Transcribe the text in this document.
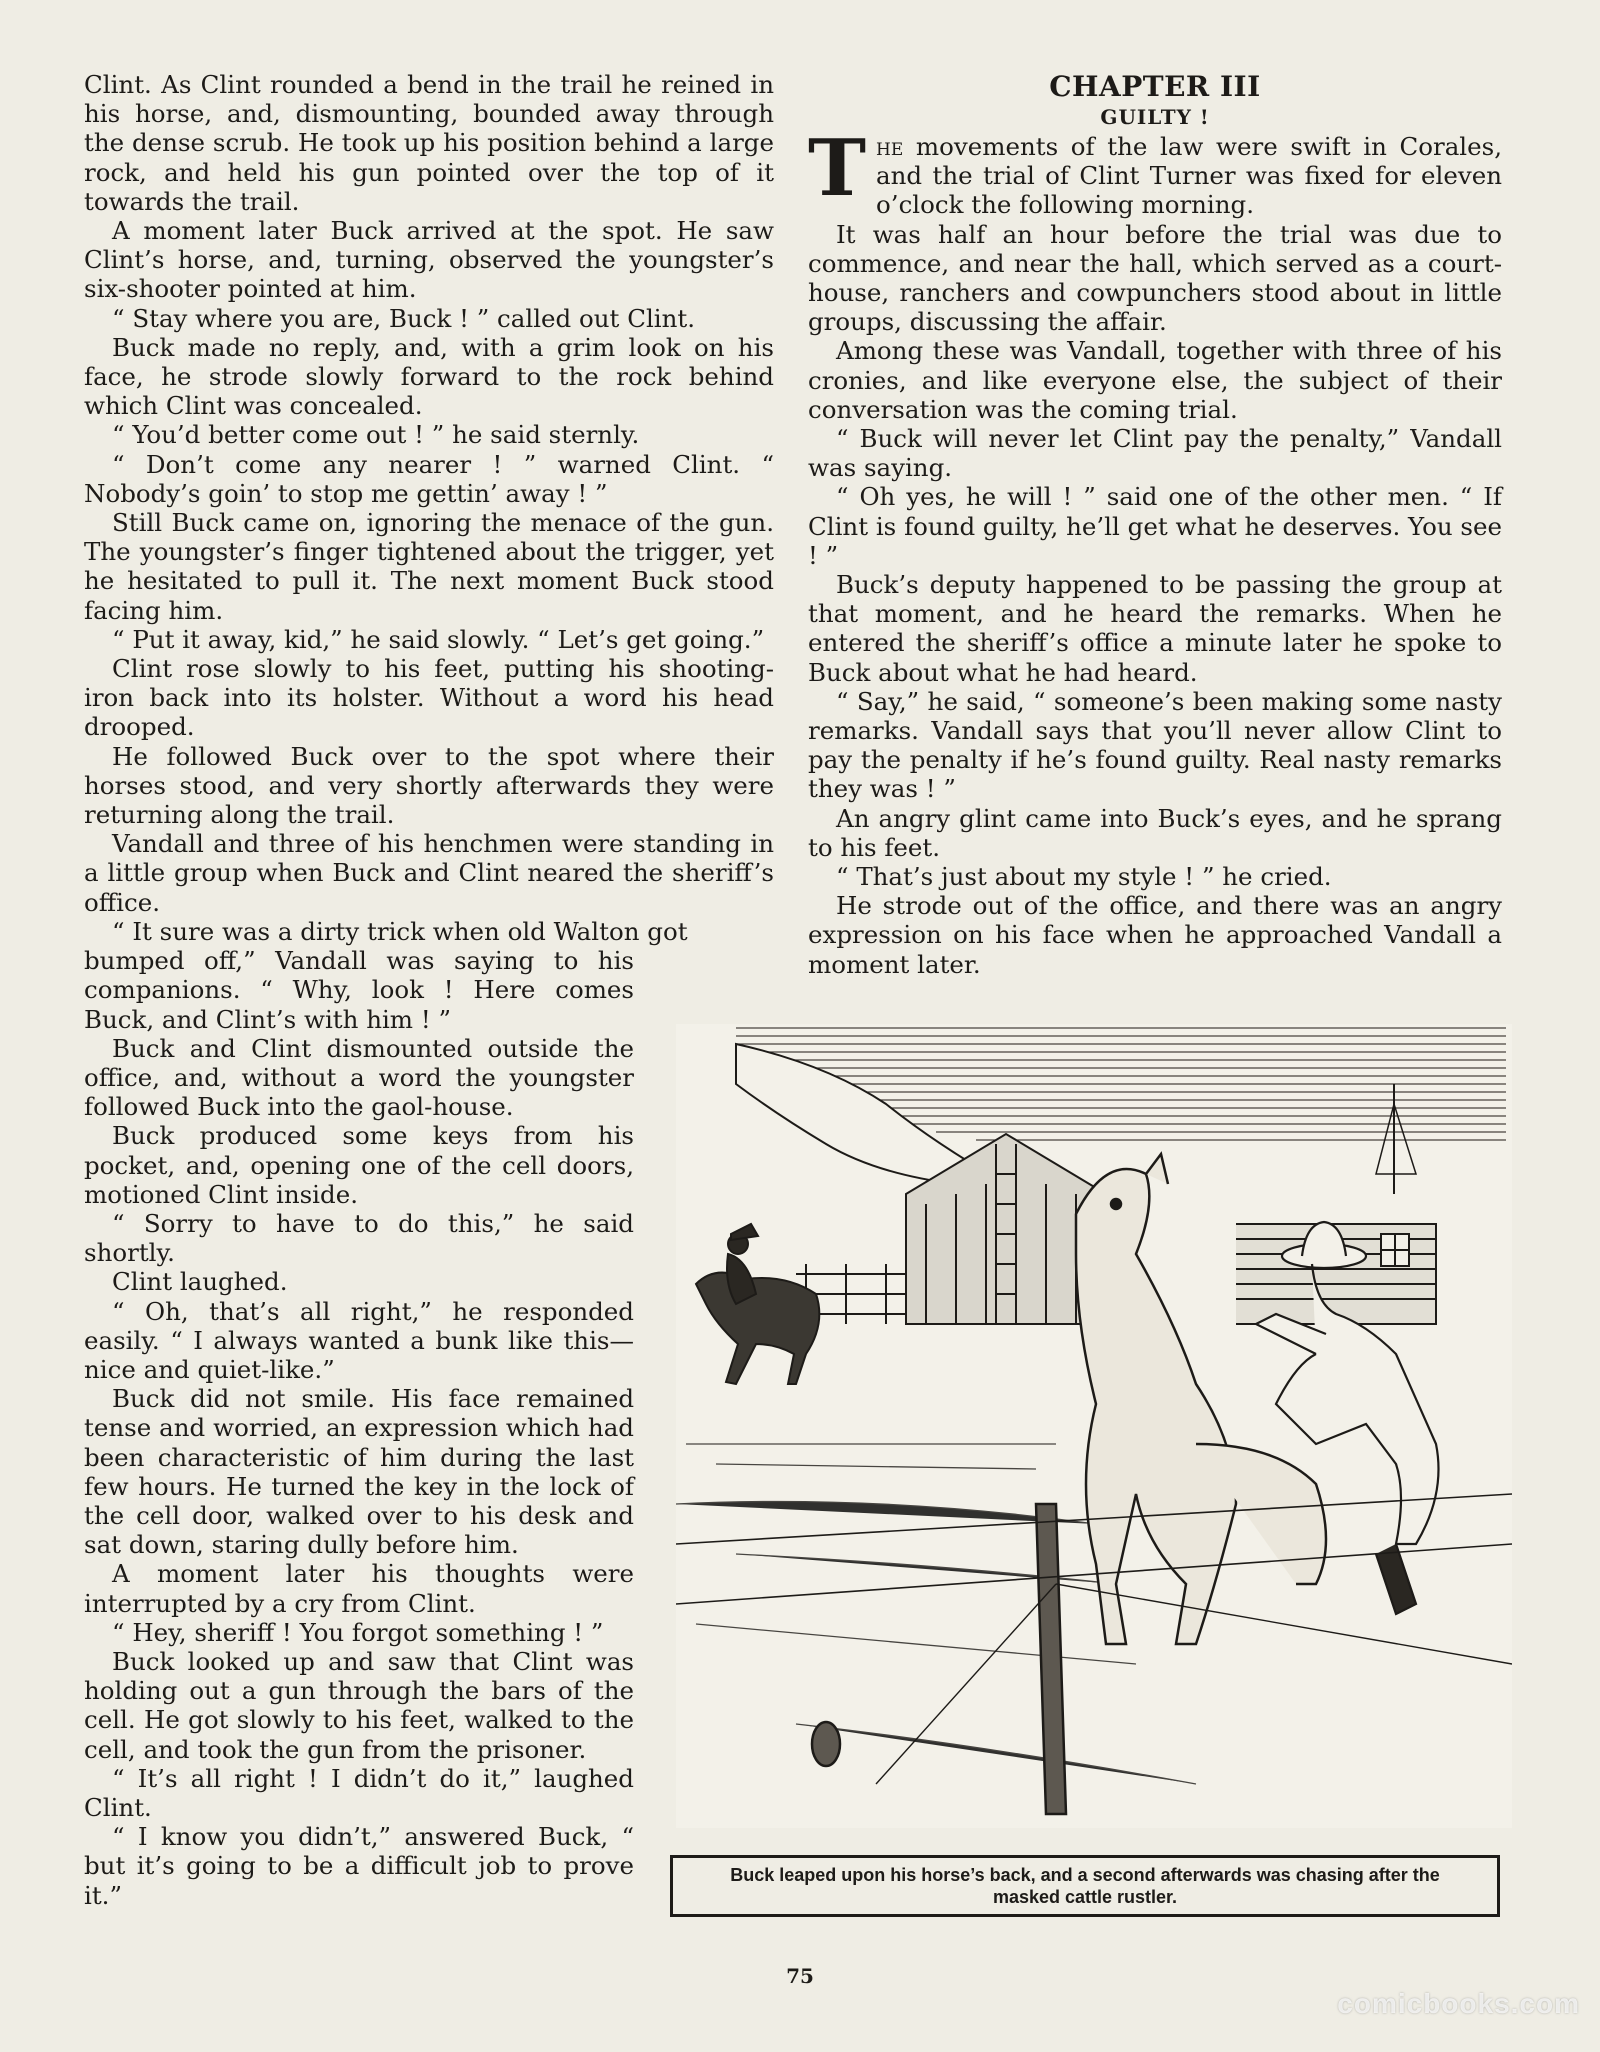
Clint. As Clint rounded a bend in the trail he reined in his horse, and, dismounting, bounded away through the dense scrub. He took up his position behind a large rock, and held his gun pointed over the top of it towards the trail.

A moment later Buck arrived at the spot. He saw Clint’s horse, and, turning, observed the youngster’s six-shooter pointed at him.

“ Stay where you are, Buck ! ” called out Clint.

Buck made no reply, and, with a grim look on his face, he strode slowly forward to the rock behind which Clint was concealed.

“ You’d better come out ! ” he said sternly.

“ Don’t come any nearer ! ” warned Clint. “ Nobody’s goin’ to stop me gettin’ away ! ”

Still Buck came on, ignoring the menace of the gun. The youngster’s finger tightened about the trigger, yet he hesitated to pull it. The next moment Buck stood facing him.

“ Put it away, kid,” he said slowly. “ Let’s get going.”

Clint rose slowly to his feet, putting his shooting-iron back into its holster. Without a word his head drooped.

He followed Buck over to the spot where their horses stood, and very shortly afterwards they were returning along the trail.

Vandall and three of his henchmen were standing in a little group when Buck and Clint neared the sheriff’s office.

“ It sure was a dirty trick when old Walton got

bumped off,” Vandall was saying to his companions. “ Why, look ! Here comes Buck, and Clint’s with him ! ”

Buck and Clint dismounted outside the office, and, without a word the youngster followed Buck into the gaol-house.

Buck produced some keys from his pocket, and, opening one of the cell doors, motioned Clint inside.

“ Sorry to have to do this,” he said shortly.

Clint laughed.

“ Oh, that’s all right,” he responded easily. “ I always wanted a bunk like this—nice and quiet-like.”

Buck did not smile. His face remained tense and worried, an expression which had been characteristic of him during the last few hours. He turned the key in the lock of the cell door, walked over to his desk and sat down, staring dully before him.

A moment later his thoughts were interrupted by a cry from Clint.

“ Hey, sheriff ! You forgot something ! ”

Buck looked up and saw that Clint was holding out a gun through the bars of the cell. He got slowly to his feet, walked to the cell, and took the gun from the prisoner.

“ It’s all right ! I didn’t do it,” laughed Clint.

“ I know you didn’t,” answered Buck, “ but it’s going to be a difficult job to prove it.”

CHAPTER III
GUILTY !

The movements of the law were swift in Corales, and the trial of Clint Turner was fixed for eleven o’clock the following morning.

It was half an hour before the trial was due to commence, and near the hall, which served as a court-house, ranchers and cowpunchers stood about in little groups, discussing the affair.

Among these was Vandall, together with three of his cronies, and like everyone else, the subject of their conversation was the coming trial.

“ Buck will never let Clint pay the penalty,” Vandall was saying.

“ Oh yes, he will ! ” said one of the other men. “ If Clint is found guilty, he’ll get what he deserves. You see ! ”

Buck’s deputy happened to be passing the group at that moment, and he heard the remarks. When he entered the sheriff’s office a minute later he spoke to Buck about what he had heard.

“ Say,” he said, “ someone’s been making some nasty remarks. Vandall says that you’ll never allow Clint to pay the penalty if he’s found guilty. Real nasty remarks they was ! ”

An angry glint came into Buck’s eyes, and he sprang to his feet.

“ That’s just about my style ! ” he cried.

He strode out of the office, and there was an angry expression on his face when he approached Vandall a moment later.

Buck leaped upon his horse’s back, and a second afterwards was chasing after the masked cattle rustler.
75
comicbooks.com
